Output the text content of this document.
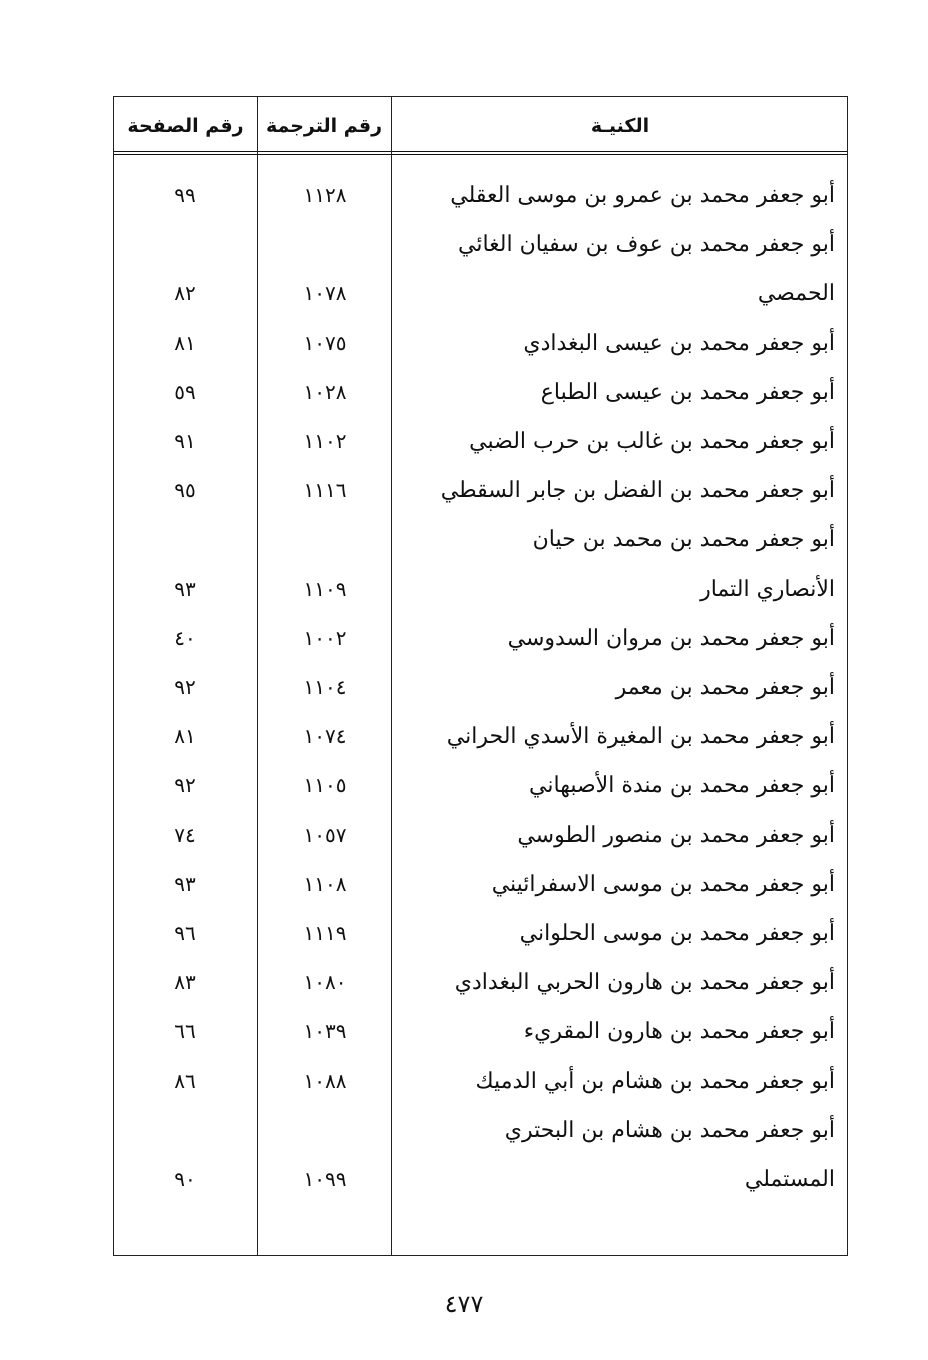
الكنيـة
رقم الترجمة
رقم الصفحة
أبو جعفر محمد بن عمرو بن موسى العقلي
١١٢٨
٩٩
أبو جعفر محمد بن عوف بن سفيان الغائي
الحمصي
١٠٧٨
٨٢
أبو جعفر محمد بن عيسى البغدادي
١٠٧٥
٨١
أبو جعفر محمد بن عيسى الطباع
١٠٢٨
٥٩
أبو جعفر محمد بن غالب بن حرب الضبي
١١٠٢
٩١
أبو جعفر محمد بن الفضل بن جابر السقطي
١١١٦
٩٥
أبو جعفر محمد بن محمد بن حيان
الأنصاري التمار
١١٠٩
٩٣
أبو جعفر محمد بن مروان السدوسي
١٠٠٢
٤٠
أبو جعفر محمد بن معمر
١١٠٤
٩٢
أبو جعفر محمد بن المغيرة الأسدي الحراني
١٠٧٤
٨١
أبو جعفر محمد بن مندة الأصبهاني
١١٠٥
٩٢
أبو جعفر محمد بن منصور الطوسي
١٠٥٧
٧٤
أبو جعفر محمد بن موسى الاسفرائيني
١١٠٨
٩٣
أبو جعفر محمد بن موسى الحلواني
١١١٩
٩٦
أبو جعفر محمد بن هارون الحربي البغدادي
١٠٨٠
٨٣
أبو جعفر محمد بن هارون المقريء
١٠٣٩
٦٦
أبو جعفر محمد بن هشام بن أبي الدميك
١٠٨٨
٨٦
أبو جعفر محمد بن هشام بن البحتري
المستملي
١٠٩٩
٩٠
٤٧٧
